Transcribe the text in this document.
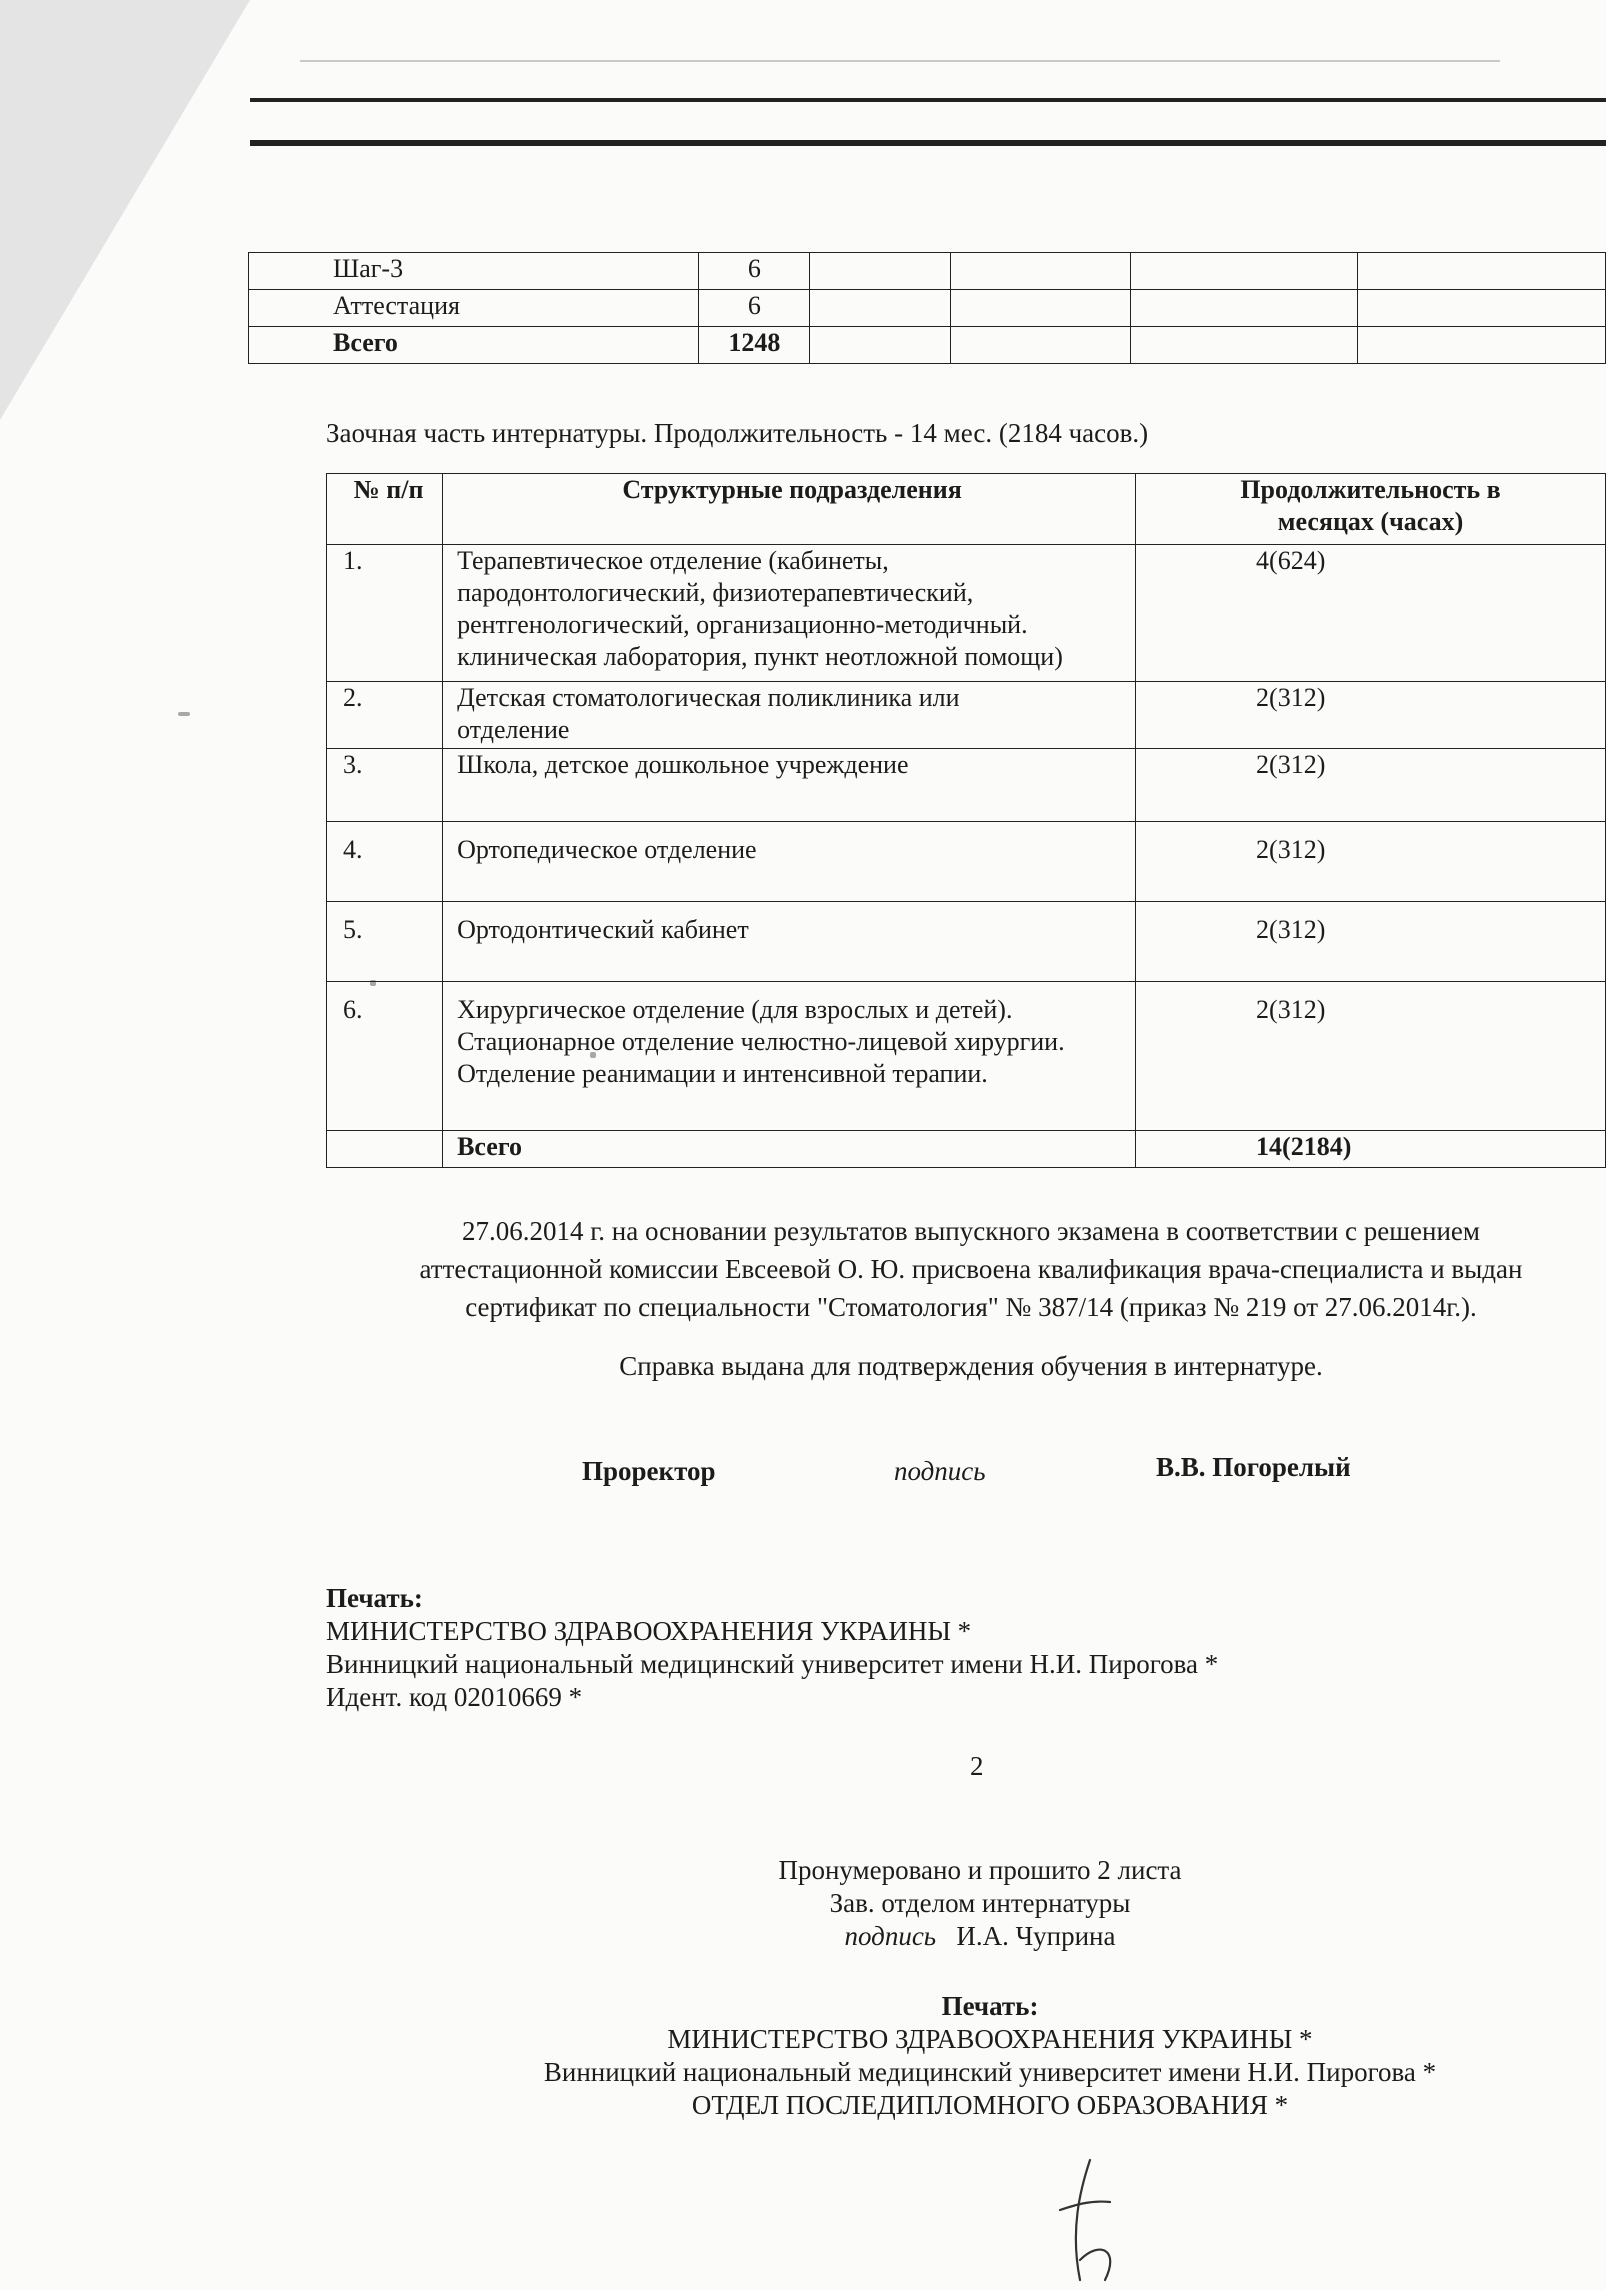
Шаг-3	6				
Аттестация	6				
Всего	1248				
Заочная часть интернатуры. Продолжительность - 14 мес. (2184 часов.)
№ п/п	Структурные подразделения	Продолжительность в
месяцах (часах)

1.	Терапевтическое отделение (кабинеты,
пародонтологический, физиотерапевтический,
рентгенологический, организационно-методичный.
клиническая лаборатория, пункт неотложной помощи)	4(624)
2.	Детская стоматологическая поликлиника или
отделение	2(312)
3.	Школа, детское дошкольное учреждение	2(312)
4.	Ортопедическое отделение	2(312)
5.	Ортодонтический кабинет	2(312)
6.	Хирургическое отделение (для взрослых и детей).
Стационарное отделение челюстно-лицевой хирургии.
Отделение реанимации и интенсивной терапии.	2(312)
	Всего	14(2184)
27.06.2014 г. на основании результатов выпускного экзамена в соответствии с решением
аттестационной комиссии Евсеевой О. Ю. присвоена квалификация врача-специалиста и выдан
сертификат по специальности "Стоматология" № 387/14 (приказ № 219 от 27.06.2014г.).
Справка выдана для подтверждения обучения в интернатуре.
Проректор	подпись	В.В. Погорелый
Печать:
МИНИСТЕРСТВО ЗДРАВООХРАНЕНИЯ УКРАИНЫ *
Винницкий национальный медицинский университет имени Н.И. Пирогова *
Идент. код 02010669 *
2
Пронумеровано и прошито 2 листа
Зав. отделом интернатуры
подпись И.А. Чуприна
Печать:
МИНИСТЕРСТВО ЗДРАВООХРАНЕНИЯ УКРАИНЫ *
Винницкий национальный медицинский университет имени Н.И. Пирогова *
ОТДЕЛ ПОСЛЕДИПЛОМНОГО ОБРАЗОВАНИЯ *
